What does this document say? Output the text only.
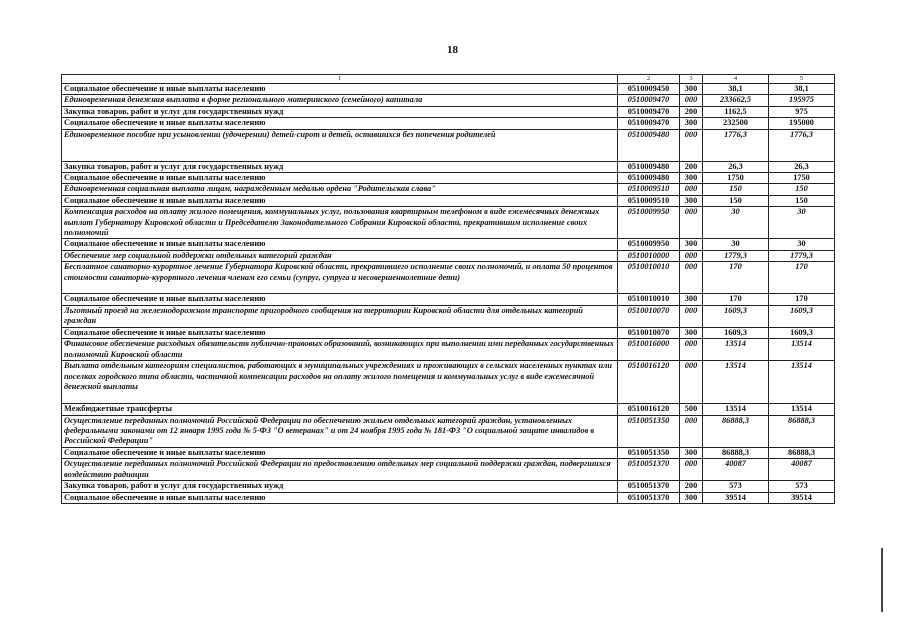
18
1	2	3	4	5
Социальное обеспечение и иные выплаты населению	0510009450	300	38,1	38,1
Единовременная денежная выплата в форме регионального материнского (семейного) капитала	0510009470	000	233662,5	195975
Закупка товаров, работ и услуг для государственных нужд	0510009470	200	1162,5	975
Социальное обеспечение и иные выплаты населению	0510009470	300	232500	195000
Единовременное пособие при усыновлении (удочерении) детей-сирот и детей, оставшихся без попечения родителей	0510009480	000	1776,3	1776,3
Закупка товаров, работ и услуг для государственных нужд	0510009480	200	26,3	26,3
Социальное обеспечение и иные выплаты населению	0510009480	300	1750	1750
Единовременная социальная выплата лицам, награжденным медалью ордена "Родительская слава"	0510009510	000	150	150
Социальное обеспечение и иные выплаты населению	0510009510	300	150	150
Компенсация расходов на оплату жилого помещения, коммунальных услуг, пользования квартирным телефоном в виде ежемесячных денежных выплат Губернатору Кировской области и Председателю Законодательного Собрания Кировской области, прекратившим исполнение своих полномочий	0510009950	000	30	30
Социальное обеспечение и иные выплаты населению	0510009950	300	30	30
Обеспечение мер социальной поддержки отдельных категорий граждан	0510010000	000	1779,3	1779,3
Бесплатное санаторно-курортное лечение Губернатора Кировской области, прекратившего исполнение своих полномочий, и оплата 50 процентов стоимости санаторно-курортного лечения членам его семьи (супруг, супруга и несовершеннолетние дети)	0510010010	000	170	170
Социальное обеспечение и иные выплаты населению	0510010010	300	170	170
Льготный проезд на железнодорожном транспорте пригородного сообщения на территории Кировской области для отдельных категорий граждан	0510010070	000	1609,3	1609,3
Социальное обеспечение и иные выплаты населению	0510010070	300	1609,3	1609,3
Финансовое обеспечение расходных обязательств публично-правовых образований, возникающих при выполнении ими переданных государственных полномочий Кировской области	0510016000	000	13514	13514
Выплата отдельным категориям специалистов, работающих в муниципальных учреждениях и проживающих в сельских населенных пунктах или поселках городского типа области, частичной компенсации расходов на оплату жилого помещения и коммунальных услуг в виде ежемесячной денежной выплаты	0510016120	000	13514	13514
Межбюджетные трансферты	0510016120	500	13514	13514
Осуществление переданных полномочий Российской Федерации по обеспечению жильем отдельных категорий граждан, установленных федеральными законами от 12 января 1995 года № 5-ФЗ "О ветеранах" и от 24 ноября 1995 года № 181-ФЗ "О социальной защите инвалидов в Российской Федерации"	0510051350	000	86888,3	86888,3
Социальное обеспечение и иные выплаты населению	0510051350	300	86888,3	86888,3
Осуществление переданных полномочий Российской Федерации по предоставлению отдельных мер социальной поддержки граждан, подвергшихся воздействию радиации	0510051370	000	40087	40087
Закупка товаров, работ и услуг для государственных нужд	0510051370	200	573	573
Социальное обеспечение и иные выплаты населению	0510051370	300	39514	39514
